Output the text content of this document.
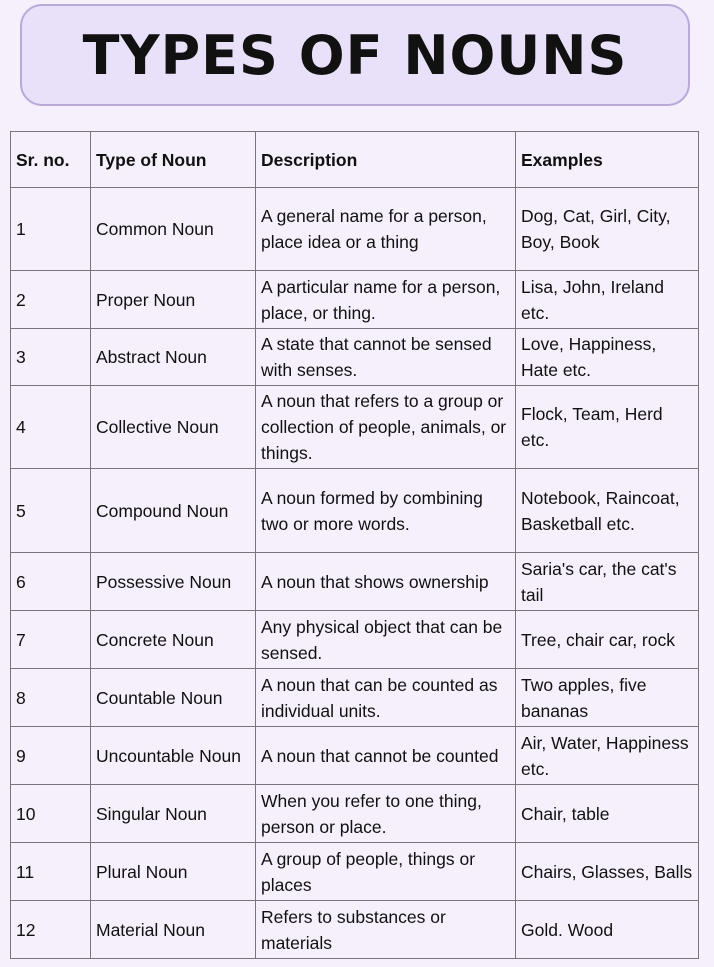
TYPES OF NOUNS
Sr. no.	Type of Noun	Description	Examples
1	Common Noun	A general name for a person, place idea or a thing	Dog, Cat, Girl, City, Boy, Book
2	Proper Noun	A particular name for a person, place, or thing.	Lisa, John, Ireland etc.
3	Abstract Noun	A state that cannot be sensed with senses.	Love, Happiness, Hate etc.
4	Collective Noun	A noun that refers to a group or collection of people, animals, or things.	Flock, Team, Herd etc.
5	Compound Noun	A noun formed by combining two or more words.	Notebook, Raincoat, Basketball etc.
6	Possessive Noun	A noun that shows ownership	Saria's car, the cat's tail
7	Concrete Noun	Any physical object that can be sensed.	Tree, chair car, rock
8	Countable Noun	A noun that can be counted as individual units.	Two apples, five bananas
9	Uncountable Noun	A noun that cannot be counted	Air, Water, Happiness etc.
10	Singular Noun	When you refer to one thing, person or place.	Chair, table
11	Plural Noun	A group of people, things or places	Chairs, Glasses, Balls
12	Material Noun	Refers to substances or materials	Gold. Wood
